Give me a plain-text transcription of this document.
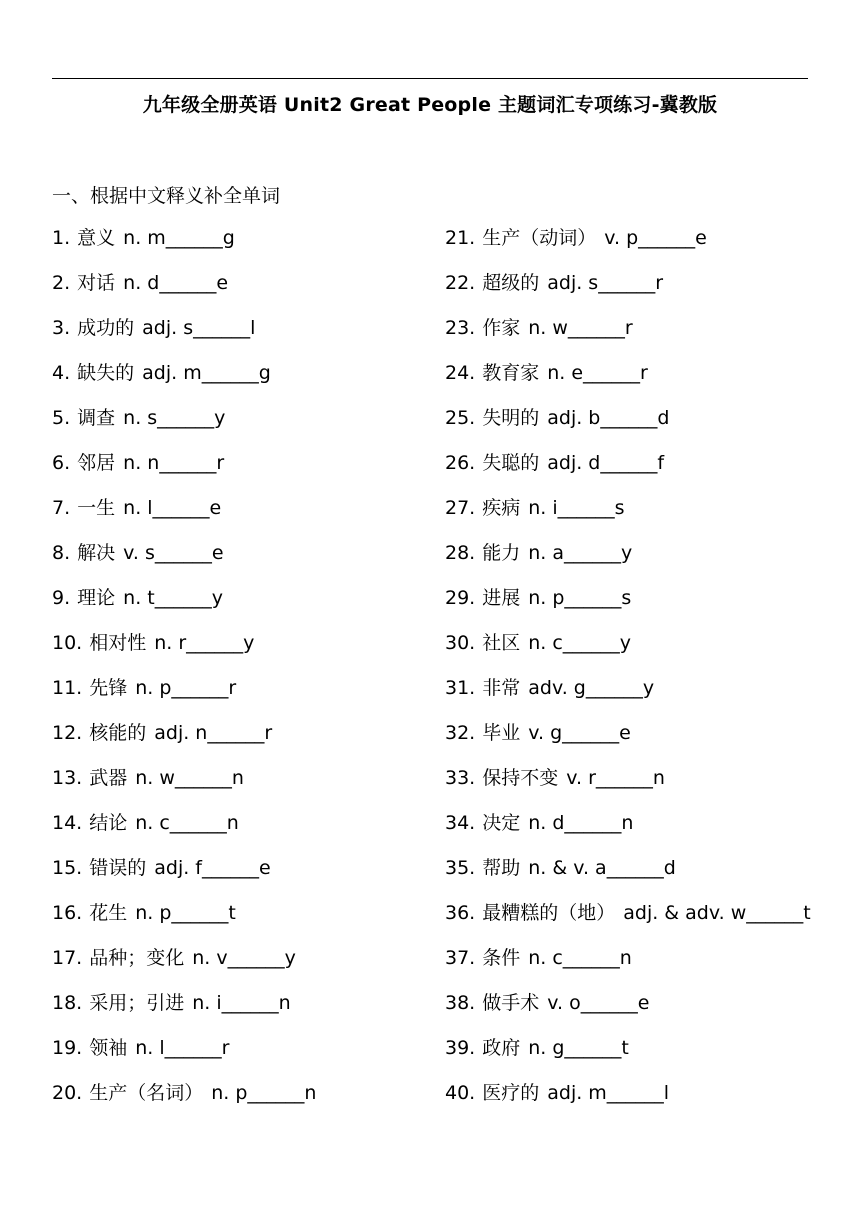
九年级全册英语 Unit2 Great People 主题词汇专项练习-冀教版
一、根据中文释义补全单词
1. 意义 n. m______g
2. 对话 n. d______e
3. 成功的 adj. s______l
4. 缺失的 adj. m______g
5. 调查 n. s______y
6. 邻居 n. n______r
7. 一生 n. l______e
8. 解决 v. s______e
9. 理论 n. t______y
10. 相对性 n. r______y
11. 先锋 n. p______r
12. 核能的 adj. n______r
13. 武器 n. w______n
14. 结论 n. c______n
15. 错误的 adj. f______e
16. 花生 n. p______t
17. 品种；变化 n. v______y
18. 采用；引进 n. i______n
19. 领袖 n. l______r
20. 生产（名词） n. p______n
21. 生产（动词） v. p______e
22. 超级的 adj. s______r
23. 作家 n. w______r
24. 教育家 n. e______r
25. 失明的 adj. b______d
26. 失聪的 adj. d______f
27. 疾病 n. i______s
28. 能力 n. a______y
29. 进展 n. p______s
30. 社区 n. c______y
31. 非常 adv. g______y
32. 毕业 v. g______e
33. 保持不变 v. r______n
34. 决定 n. d______n
35. 帮助 n. & v. a______d
36. 最糟糕的（地） adj. & adv. w______t
37. 条件 n. c______n
38. 做手术 v. o______e
39. 政府 n. g______t
40. 医疗的 adj. m______l
